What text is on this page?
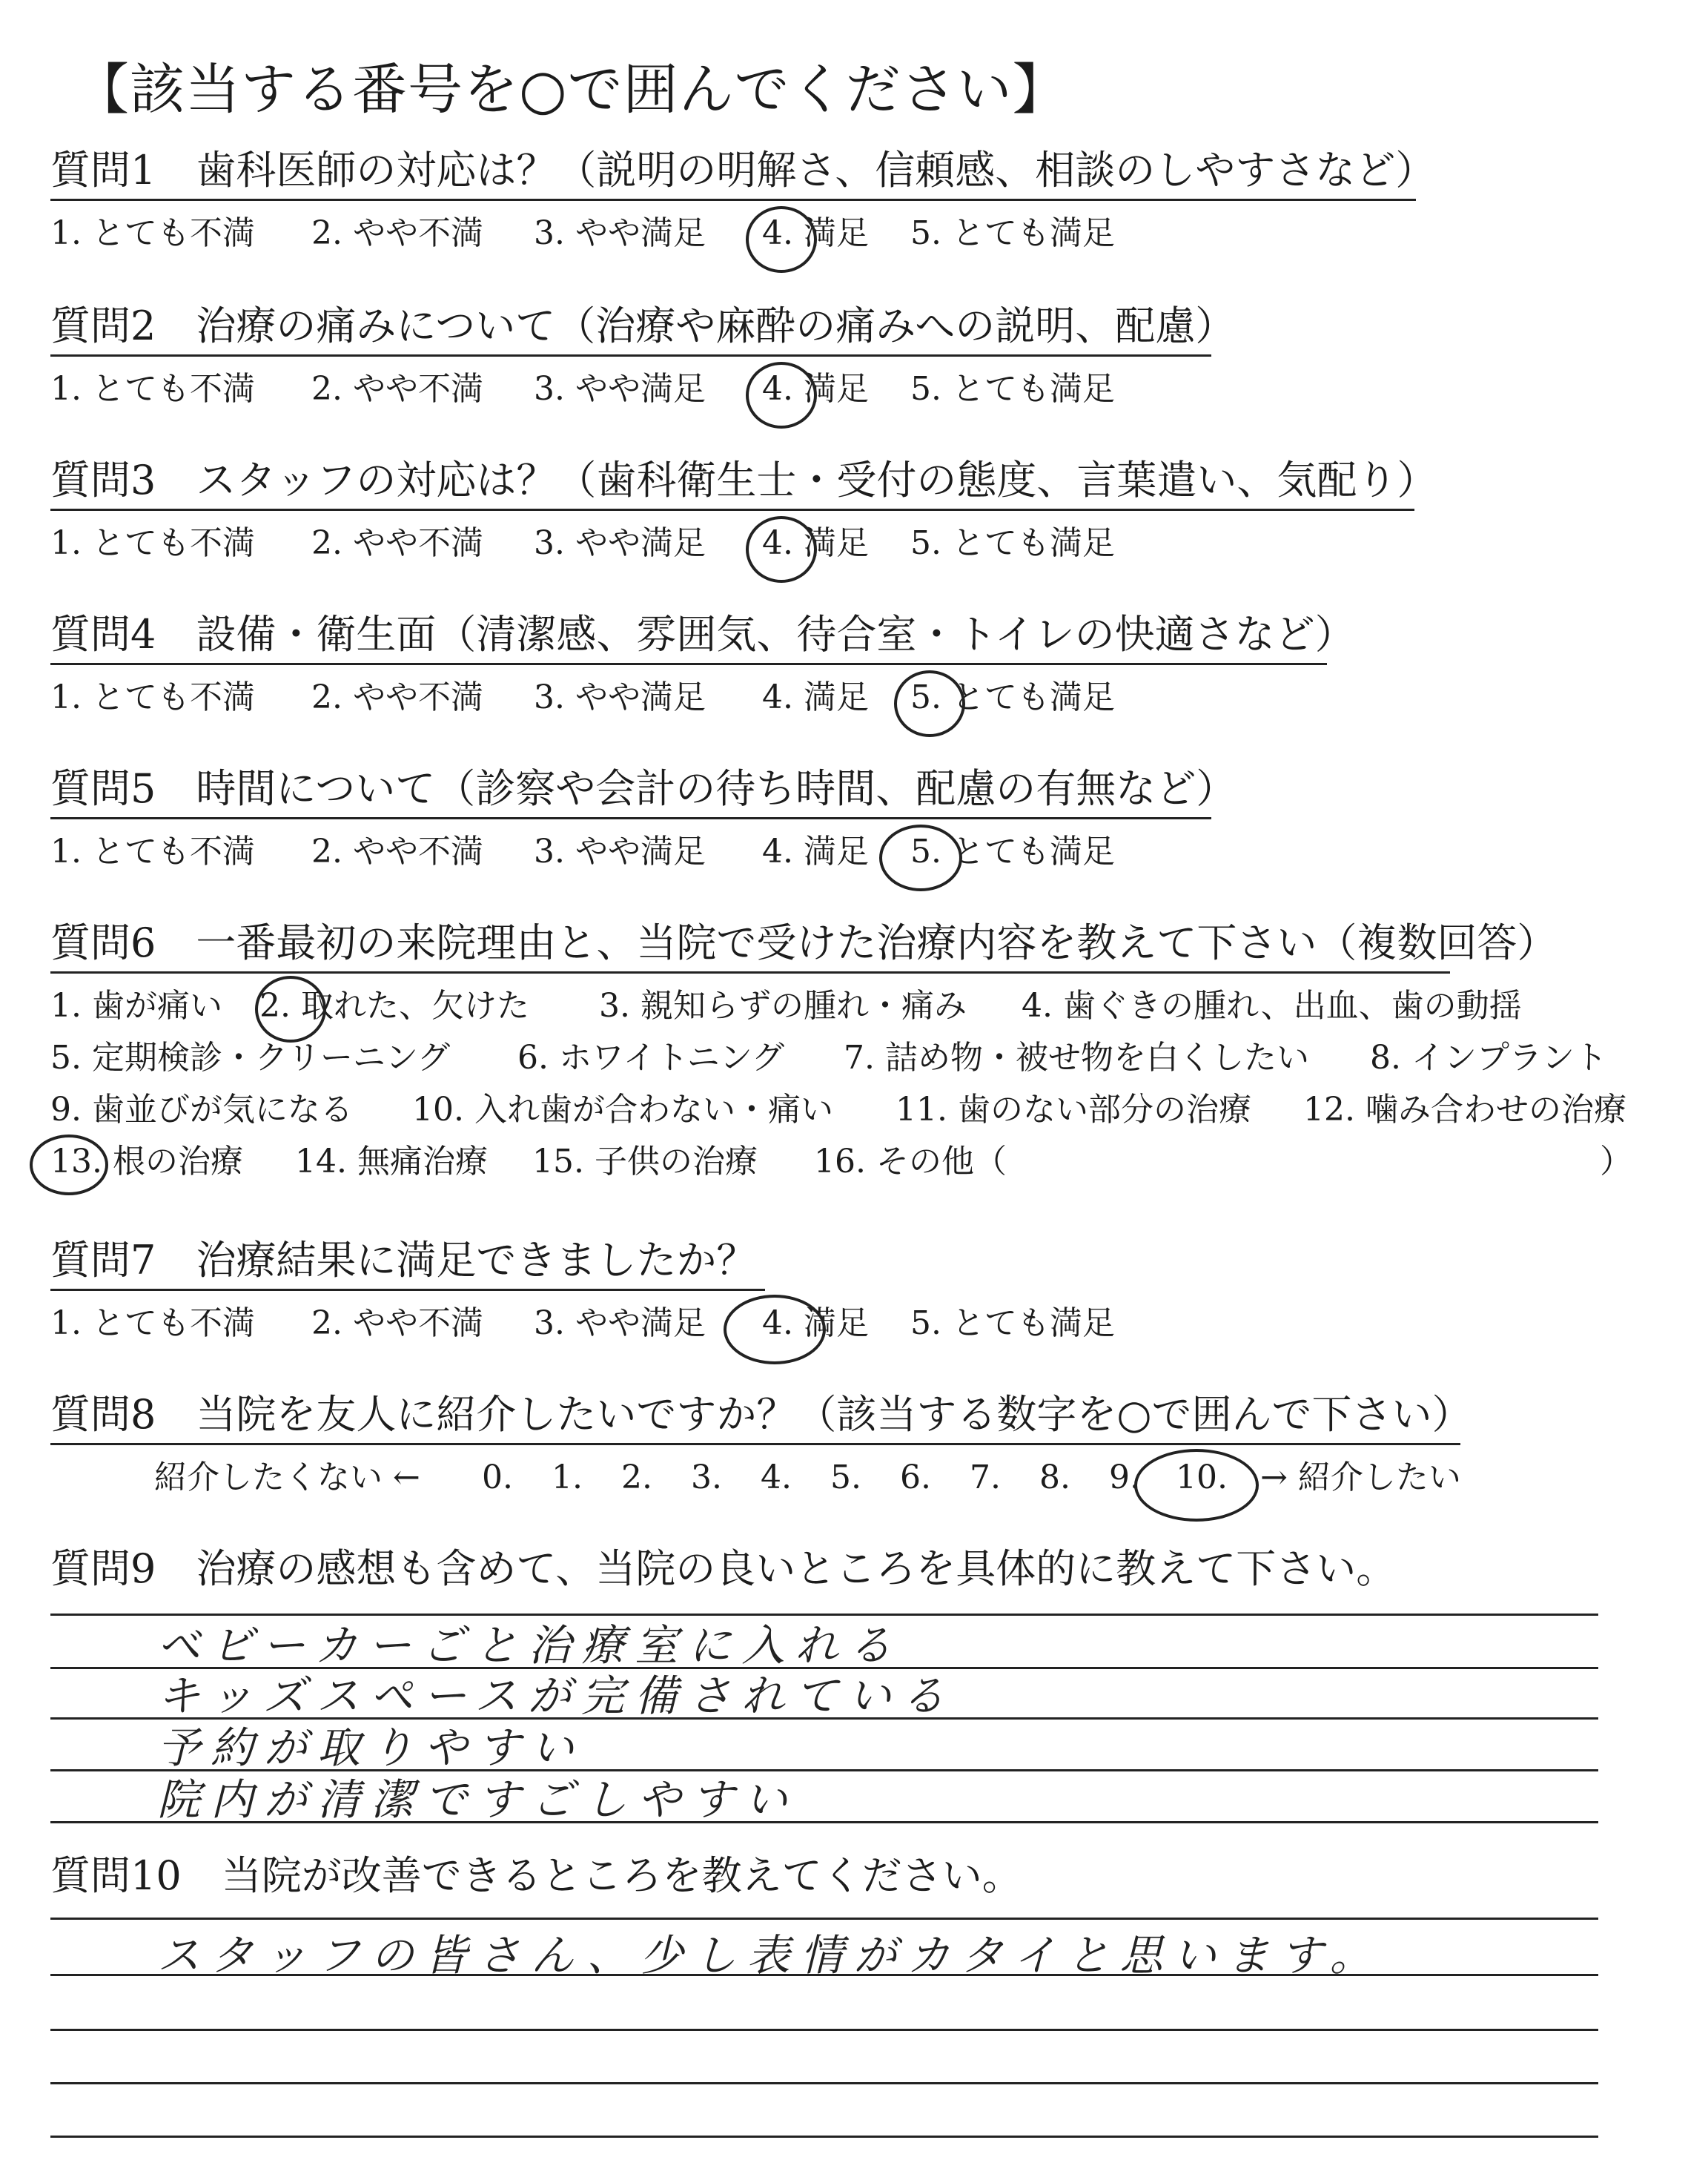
【該当する番号を○で囲んでください】
質問1　歯科医師の対応は？（説明の明解さ、信頼感、相談のしやすさなど）
1. とても不満 2. やや不満 3. やや満足 4. 満足 5. とても満足
質問2　治療の痛みについて（治療や麻酔の痛みへの説明、配慮）
1. とても不満 2. やや不満 3. やや満足 4. 満足 5. とても満足
質問3　スタッフの対応は？（歯科衛生士・受付の態度、言葉遣い、気配り）
1. とても不満 2. やや不満 3. やや満足 4. 満足 5. とても満足
質問4　設備・衛生面（清潔感、雰囲気、待合室・トイレの快適さなど）
1. とても不満 2. やや不満 3. やや満足 4. 満足 5. とても満足
質問5　時間について（診察や会計の待ち時間、配慮の有無など）
1. とても不満 2. やや不満 3. やや満足 4. 満足 5. とても満足
質問6　一番最初の来院理由と、当院で受けた治療内容を教えて下さい（複数回答）
1. 歯が痛い 2. 取れた、欠けた 3. 親知らずの腫れ・痛み 4. 歯ぐきの腫れ、出血、歯の動揺
5. 定期検診・クリーニング 6. ホワイトニング 7. 詰め物・被せ物を白くしたい 8. インプラント
9. 歯並びが気になる 10. 入れ歯が合わない・痛い 11. 歯のない部分の治療 12. 噛み合わせの治療
13. 根の治療 14. 無痛治療 15. 子供の治療 16. その他（	）
質問7　治療結果に満足できましたか？
1. とても不満 2. やや不満 3. やや満足 4. 満足 5. とても満足
質問8　当院を友人に紹介したいですか？（該当する数字を○で囲んで下さい）
紹介したくない ← 0. 1. 2. 3. 4. 5. 6. 7. 8. 9. 10. → 紹介したい
質問9　治療の感想も含めて、当院の良いところを具体的に教えて下さい。
ベビーカーごと治療室に入れる
キッズスペースが完備されている
予約が取りやすい
院内が清潔ですごしやすい
質問10　当院が改善できるところを教えてください。
スタッフの皆さん、少し表情がカタイと思います。
